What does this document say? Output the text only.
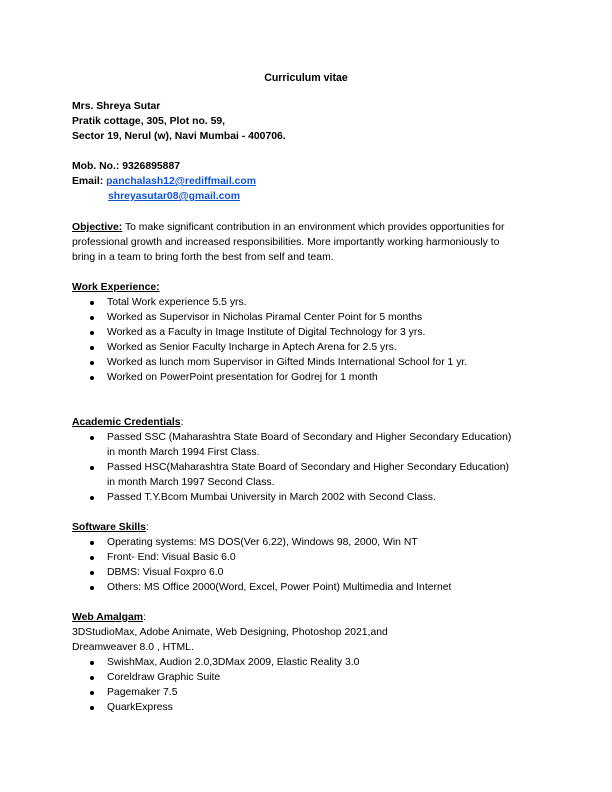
Curriculum vitae
Mrs. Shreya Sutar
Pratik cottage, 305, Plot no. 59,
Sector 19, Nerul (w), Navi Mumbai - 400706.
Mob. No.: 9326895887
Email: panchalash12@rediffmail.com
shreyasutar08@gmail.com
Objective: To make significant contribution in an environment which provides opportunities for
professional growth and increased responsibilities. More importantly working harmoniously to
bring in a team to bring forth the best from self and team.
Work Experience:
Total Work experience 5.5 yrs.
Worked as Supervisor in Nicholas Piramal Center Point for 5 months
Worked as a Faculty in Image Institute of Digital Technology for 3 yrs.
Worked as Senior Faculty Incharge in Aptech Arena for 2.5 yrs.
Worked as lunch mom Supervisor in Gifted Minds International School for 1 yr.
Worked on PowerPoint presentation for Godrej for 1 month
Academic Credentials:
Passed SSC (Maharashtra State Board of Secondary and Higher Secondary Education)
in month March 1994 First Class.
Passed HSC(Maharashtra State Board of Secondary and Higher Secondary Education)
in month March 1997 Second Class.
Passed T.Y.Bcom Mumbai University in March 2002 with Second Class.
Software Skills:
Operating systems: MS DOS(Ver 6.22), Windows 98, 2000, Win NT
Front- End: Visual Basic 6.0
DBMS: Visual Foxpro 6.0
Others: MS Office 2000(Word, Excel, Power Point) Multimedia and Internet
Web Amalgam:
3DStudioMax, Adobe Animate, Web Designing, Photoshop 2021,and
Dreamweaver 8.0 , HTML.
SwishMax, Audion 2.0,3DMax 2009, Elastic Reality 3.0
Coreldraw Graphic Suite
Pagemaker 7.5
QuarkExpress
